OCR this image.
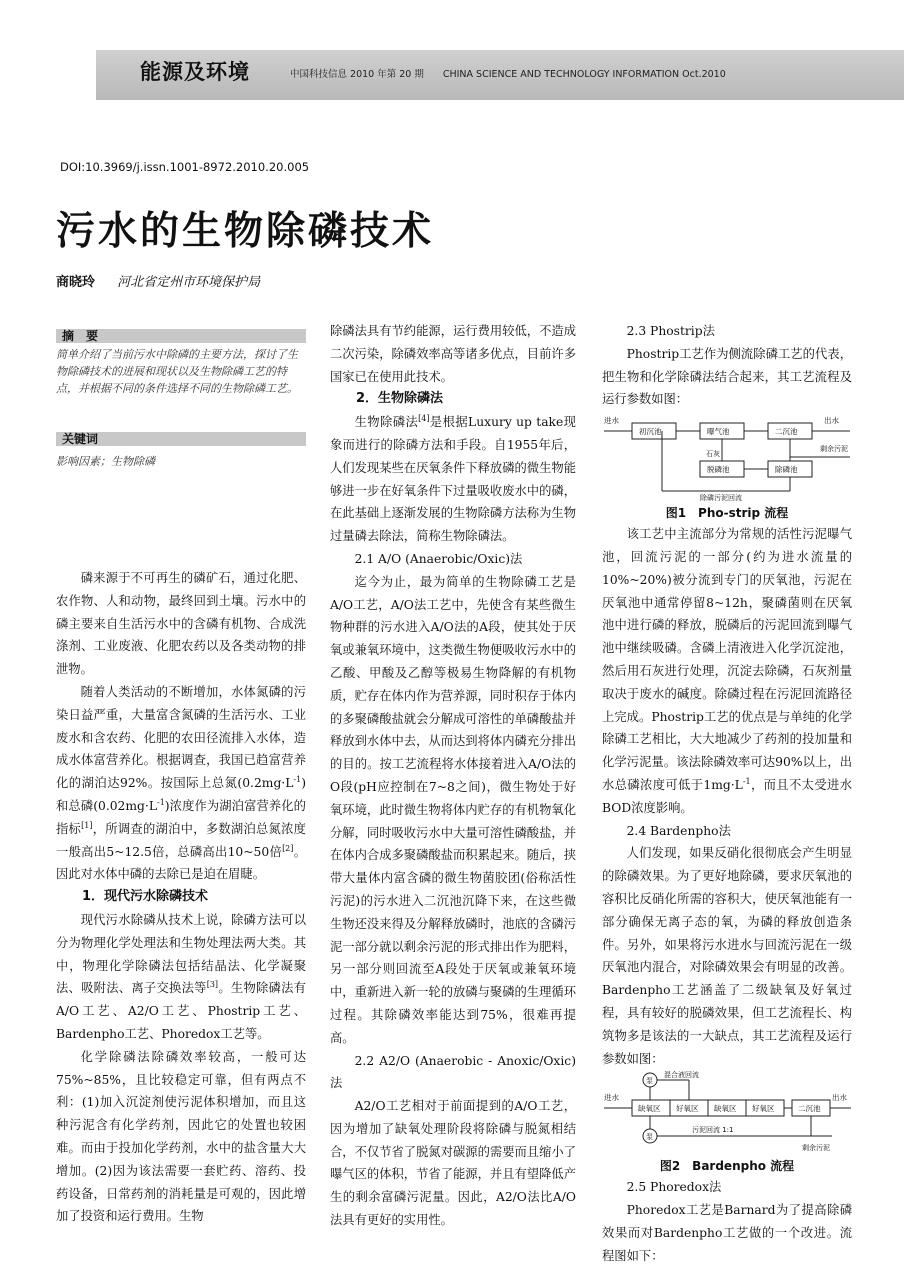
能源及环境	中国科技信息 2010 年第 20 期　　CHINA SCIENCE AND TECHNOLOGY INFORMATION Oct.2010
DOI:10.3969/j.issn.1001-8972.2010.20.005
污水的生物除磷技术
商晓玲 河北省定州市环境保护局
摘　要
简单介绍了当前污水中除磷的主要方法，探讨了生物除磷技术的进展和现状以及生物除磷工艺的特点，并根据不同的条件选择不同的生物除磷工艺。
关键词
影响因素；生物除磷

磷来源于不可再生的磷矿石，通过化肥、农作物、人和动物，最终回到土壤。污水中的磷主要来自生活污水中的含磷有机物、合成洗涤剂、工业废液、化肥农药以及各类动物的排泄物。

随着人类活动的不断增加，水体氮磷的污染日益严重，大量富含氮磷的生活污水、工业废水和含农药、化肥的农田径流排入水体，造成水体富营养化。根据调查，我国已趋富营养化的湖泊达92%。按国际上总氮$(0.2mg\cdot L^{-1})$和总磷$(0.02mg\cdot L^{-1})$浓度作为湖泊富营养化的指标[1]，所调查的湖泊中，多数湖泊总氮浓度一般高出5~12.5倍，总磷高出10~50倍[2]。因此对水体中磷的去除已是迫在眉睫。

1．现代污水除磷技术

现代污水除磷从技术上说，除磷方法可以分为物理化学处理法和生物处理法两大类。其中，物理化学除磷法包括结晶法、化学凝聚法、吸附法、离子交换法等[3]。生物除磷法有A/O工艺、A2/O工艺、Phostrip工艺、Bardenpho工艺、Phoredox工艺等。

化学除磷法除磷效率较高，一般可达75%~85%，且比较稳定可靠，但有两点不利：(1)加入沉淀剂使污泥体积增加，而且这种污泥含有化学药剂，因此它的处置也较困难。而由于投加化学药剂，水中的盐含量大大增加。(2)因为该法需要一套贮药、溶药、投药设备，日常药剂的消耗量是可观的，因此增加了投资和运行费用。生物

除磷法具有节约能源，运行费用较低，不造成二次污染，除磷效率高等诸多优点，目前许多国家已在使用此技术。

2．生物除磷法

生物除磷法[4]是根据Luxury up take现象而进行的除磷方法和手段。自1955年后，人们发现某些在厌氧条件下释放磷的微生物能够进一步在好氧条件下过量吸收废水中的磷，在此基础上逐渐发展的生物除磷方法称为生物过量磷去除法，简称生物除磷法。

2.1 A/O (Anaerobic/Oxic)法

迄今为止，最为简单的生物除磷工艺是A/O工艺，A/O法工艺中，先使含有某些微生物种群的污水进入A/O法的A段，使其处于厌氧或兼氧环境中，这类微生物便吸收污水中的乙酸、甲酸及乙醇等极易生物降解的有机物质，贮存在体内作为营养源，同时积存于体内的多聚磷酸盐就会分解成可溶性的单磷酸盐并释放到水体中去，从而达到将体内磷充分排出的目的。按工艺流程将水体接着进入A/O法的O段(pH应控制在7~8之间)，微生物处于好氧环境，此时微生物将体内贮存的有机物氧化分解，同时吸收污水中大量可溶性磷酸盐，并在体内合成多聚磷酸盐而积累起来。随后，挟带大量体内富含磷的微生物菌胶团(俗称活性污泥)的污水进入二沉池沉降下来，在这些微生物还没来得及分解释放磷时，池底的含磷污泥一部分就以剩余污泥的形式排出作为肥料，另一部分则回流至A段处于厌氧或兼氧环境中，重新进入新一轮的放磷与聚磷的生理循环过程。其除磷效率能达到75%，很难再提高。

2.2 A2/O (Anaerobic - Anoxic/Oxic)法

A2/O工艺相对于前面提到的A/O工艺，因为增加了缺氧处理阶段将除磷与脱氮相结合，不仅节省了脱氮对碳源的需要而且缩小了曝气区的体积，节省了能源，并且有望降低产生的剩余富磷污泥量。因此，A2/O法比A/O法具有更好的实用性。

2.3 Phostrip法

Phostrip工艺作为侧流除磷工艺的代表，把生物和化学除磷法结合起来，其工艺流程及运行参数如图：

进水
初沉池	曝气池	二沉池
出水
剩余污泥
脱磷池	除磷池
石灰
除磷污泥回流
图1　Pho-strip 流程

该工艺中主流部分为常规的活性污泥曝气池，回流污泥的一部分(约为进水流量的10%~20%)被分流到专门的厌氧池，污泥在厌氧池中通常停留8~12h，聚磷菌则在厌氧池中进行磷的释放，脱磷后的污泥回流到曝气池中继续吸磷。含磷上清液进入化学沉淀池，然后用石灰进行处理，沉淀去除磷，石灰剂量取决于废水的碱度。除磷过程在污泥回流路径上完成。Phostrip工艺的优点是与单纯的化学除磷工艺相比，大大地减少了药剂的投加量和化学污泥量。该法除磷效率可达90%以上，出水总磷浓度可低于$1mg\cdot L^{-1}$，而且不太受进水BOD浓度影响。

2.4 Bardenpho法

人们发现，如果反硝化很彻底会产生明显的除磷效果。为了更好地除磷，要求厌氧池的容积比反硝化所需的容积大，使厌氧池能有一部分确保无离子态的氧，为磷的释放创造条件。另外，如果将污水进水与回流污泥在一级厌氧池内混合，对除磷效果会有明显的改善。Bardenpho工艺涵盖了二级缺氧及好氧过程，具有较好的脱磷效果，但工艺流程长、构筑物多是该法的一大缺点，其工艺流程及运行参数如图：

进水
缺氧区 好氧区 缺氧区 好氧区	二沉池
出水
泵
混合液回流
泵
污泥回流 1:1
剩余污泥
图2　Bardenpho 流程

2.5 Phoredox法

Phoredox工艺是Barnard为了提高除磷效果而对Bardenpho工艺做的一个改进。流程图如下：
